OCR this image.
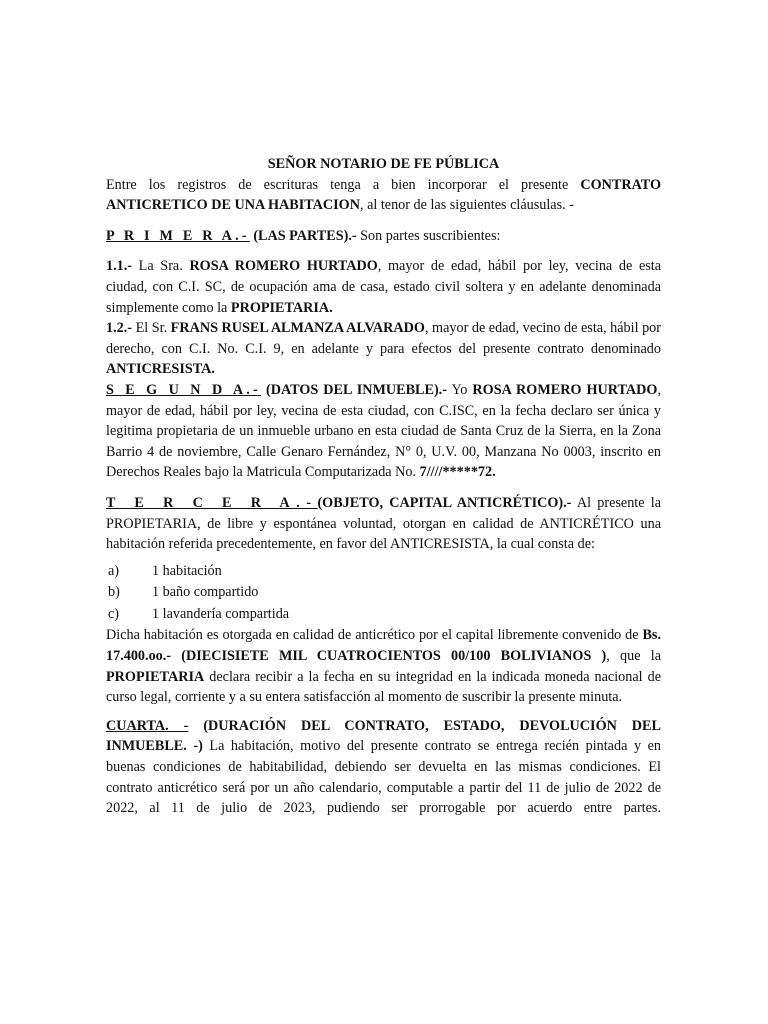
SEÑOR NOTARIO DE FE PÚBLICA

Entre los registros de escrituras tenga a bien incorporar el presente CONTRATO ANTICRETICO DE UNA HABITACION, al tenor de las siguientes cláusulas. -

P R I M E R A.- (LAS PARTES).- Son partes suscribientes:

1.1.- La Sra. ROSA ROMERO HURTADO, mayor de edad, hábil por ley, vecina de esta ciudad, con C.I. SC, de ocupación ama de casa, estado civil soltera y en adelante denominada simplemente como la PROPIETARIA.

1.2.- El Sr. FRANS RUSEL ALMANZA ALVARADO, mayor de edad, vecino de esta, hábil por derecho, con C.I. No. C.I. 9, en adelante y para efectos del presente contrato denominado ANTICRESISTA.

S E G U N D A.- (DATOS DEL INMUEBLE).- Yo ROSA ROMERO HURTADO, mayor de edad, hábil por ley, vecina de esta ciudad, con C.ISC, en la fecha declaro ser única y legitima propietaria de un inmueble urbano en esta ciudad de Santa Cruz de la Sierra, en la Zona Barrio 4 de noviembre, Calle Genaro Fernández, N° 0, U.V. 00, Manzana No 0003, inscrito en Derechos Reales bajo la Matricula Computarizada No. 7////*****72.

T E R C E R A.-(OBJETO, CAPITAL ANTICRÉTICO).- Al presente la PROPIETARIA, de libre y espontánea voluntad, otorgan en calidad de ANTICRÉTICO una habitación referida precedentemente, en favor del ANTICRESISTA, la cual consta de:

a)	1 habitación
b)	1 baño compartido
c)	1 lavandería compartida

Dicha habitación es otorgada en calidad de anticrético por el capital libremente convenido de Bs. 17.400.oo.- (DIECISIETE MIL CUATROCIENTOS 00/100 BOLIVIANOS ), que la PROPIETARIA declara recibir a la fecha en su integridad en la indicada moneda nacional de curso legal, corriente y a su entera satisfacción al momento de suscribir la presente minuta.

CUARTA. - (DURACIÓN DEL CONTRATO, ESTADO, DEVOLUCIÓN DEL INMUEBLE. -) La habitación, motivo del presente contrato se entrega recién pintada y en buenas condiciones de habitabilidad, debiendo ser devuelta en las mismas condiciones. El contrato anticrético será por un año calendario, computable a partir del 11 de julio de 2022 de 2022, al 11 de julio de 2023, pudiendo ser prorrogable por acuerdo entre partes.
